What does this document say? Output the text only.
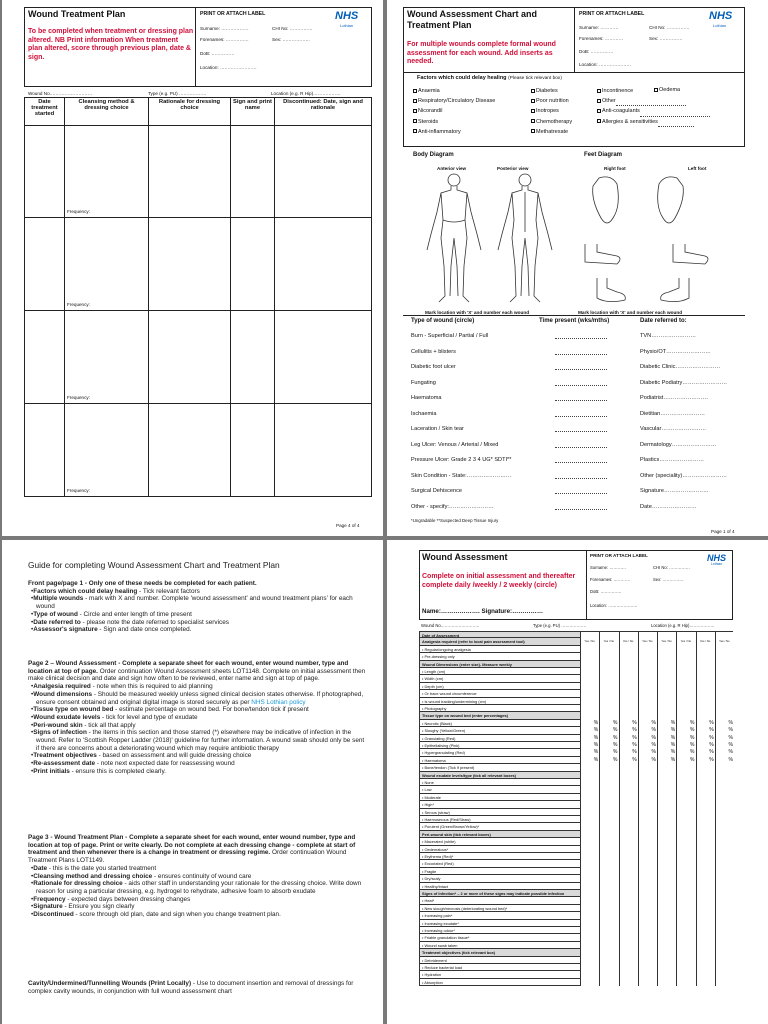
Wound Treatment Plan
To be completed when treatment or dressing plan altered. NB Print information When treatment plan altered, score through previous plan, date & sign.
PRINT OR ATTACH LABEL	NHS
Lothian
Surname: ………………	CHI No: ……………
Forenames: ……………	Sex: ………………
DoB: ……………
Location: ……………………
Wound No.………………………	Type (e.g. PU) ………………	Location (e.g. R Hip)………………
Date treatment started	Cleansing method & dressing choice	Rationale for dressing choice	Sign and print name	Discontinued: Date, sign and rationale

	Frequency:			

	Frequency:			

	Frequency:			

	Frequency:			

Page 4 of 4
Wound Assessment Chart and Treatment Plan
For multiple wounds complete formal wound assessment for each wound. Add inserts as needed.
PRINT OR ATTACH LABEL	NHS
Lothian
Surname: …………	CHI No: ……………
Forenames: …………	Sex: ……………
DoB: ……………
Location: …………………
Factors which could delay healing (Please tick relevant box)
Anaemia
Respiratory/Circulatory Disease
Nicorandil
Steroids
Anti-inflammatory
Diabetes
Poor nutrition
Inotropes
Chemotherapy
Methatrexate
Incontinence
Other
Anti-coagulants
Allergies & sensitivities
Oedema
Body Diagram
Anterior view	Posterior view
Mark location with 'X' and number each wound
Feet Diagram
Right foot	Left foot
Mark location with 'X' and number each wound
Type of wound (circle)	Time present (wks/mths)	Date referred to:
*Ungradable **Suspected Deep Tissue Injury
Page 1 of 4
Burn - Superficial / Partial / Full	TVN……………………
Cellulitis + blisters	Physio/OT……………………
Diabetic foot ulcer	Diabetic Clinic……………………
Fungating	Diabetic Podiatry……………………
Haematoma	Podiatrist……………………
Ischaemia	Dietitian……………………
Laceration / Skin tear	Vascular……………………
Leg Ulcer: Venous / Arterial / Mixed	Dermatology……………………
Pressure Ulcer: Grade 2 3 4 UG* SDTI**	Plastics……………………
Skin Condition - State:……………………	Other (speciality)……………………
Surgical Dehiscence	Signature……………………
Other - specify:……………………	Date……………………
Guide for completing Wound Assessment Chart and Treatment Plan
Front page/page 1 - Only one of these needs be completed for each patient.
• Factors which could delay healing - Tick relevant factors
• Multiple wounds - mark with X and number. Complete 'wound assessment' and wound treatment plans' for each wound
• Type of wound - Circle and enter length of time present
• Date referred to - please note the date referred to specialist services
• Assessor's signature - Sign and date once completed.
Page 2 – Wound Assessment - Complete a separate sheet for each wound, enter wound number, type and location at top of page. Order continuation Wound Assessment sheets LOT1148. Complete on initial assessment then make clinical decision and date and sign how often to be reviewed, enter name and sign at top of page.
• Analgesia required - note when this is required to aid planning
• Wound dimensions - Should be measured weekly unless signed clinical decision states otherwise. If photographed, ensure consent obtained and original digital image is stored securely as per NHS Lothian policy
• Tissue type on wound bed - estimate percentage on wound bed. For bone/tendon tick if present
• Wound exudate levels - tick for level and type of exudate
• Peri-wound skin - tick all that apply
• Signs of infection - the items in this section and those starred (*) elsewhere may be indicative of infection in the wound. Refer to 'Scottish Ropper Ladder (2018)' guideline for further information. A wound swab should only be sent if there are concerns about a deteriorating wound which may require antibiotic therapy
• Treatment objectives - based on assessment and will guide dressing choice
• Re-assessment date - note next expected date for reassessing wound
• Print initials - ensure this is completed clearly.
Page 3 - Wound Treatment Plan - Complete a separate sheet for each wound, enter wound number, type and location at top of page. Print or write clearly. Do not complete at each dressing change - complete at start of treatment and then whenever there is a change in treatment or dressing regime. Order continuation Wound Treatment Plans LOT1149.
• Date - this is the date you started treatment
• Cleansing method and dressing choice - ensures continuity of wound care
• Rationale for dressing choice - aids other staff in understanding your rationale for the dressing choice. Write down reason for using a particular dressing, e.g. hydrogel to rehydrate, adhesive foam to absorb exudate
• Frequency - expected days between dressing changes
• Signature - Ensure you sign clearly
• Discontinued - score through old plan, date and sign when you change treatment plan.
Cavity/Undermined/Tunnelling Wounds (Print Locally) - Use to document insertion and removal of dressings for complex cavity wounds, in conjunction with full wound assessment chart
Wound Assessment
Complete on initial assessment and thereafter complete daily /weekly / 2 weekly (circle)
Name:………………. Signature:……………
PRINT OR ATTACH LABEL	NHS
Lothian
Surname: …………	CHI No: ……………
Forenames: …………	Sex: ……………
DoB: ……………
Location: …………………
Wound No.………………………	Type (e.g. PU) ………………	Location (e.g. R Hip)………………
Date of Assessment
Analgesia required (refer to local pain assessment tool)	Yes / No	Yes / No	Yes / No	Yes / No	Yes / No	Yes / No	Yes / No	Yes / No
• Regular/ongoing analgesia
• Pre-dressing only
Wound Dimensions (enter size)- Measure weekly
• Length (cm)
• Width (cm)
• Depth (cm)
• Or trace wound circumference
• Is wound tracking/undermining (cm)
• Photography
Tissue type on wound bed (enter percentages)
• Necrotic (Black)	%	%	%	%	%	%	%	%
• Sloughy (Yellow/Green)	%	%	%	%	%	%	%	%
• Granulating (Red)	%	%	%	%	%	%	%	%
• Epithelialising (Pink)	%	%	%	%	%	%	%	%
• Hypergranulating (Red)	%	%	%	%	%	%	%	%
• Haematoma	%	%	%	%	%	%	%	%
• Bone/tendon (Tick if present)
Wound exudate levels/type (tick all relevant boxes)
• None
• Low
• Moderate
• High*
• Serous (straw)
• Haemoserous (Red/Straw)
• Purulent (Green/Brown/Yellow)*
Peri-wound skin (tick relevant boxes)
• Macerated (white)
• Oedematous*
• Erythema (Red)*
• Excoriated (Red)
• Fragile
• Dry/scaly
• Healthy/intact
Signs of Infection* – 2 or more of these signs may indicate possible infection
• Heat*
• New slough/necrosis (deteriorating wound bed)*
• Increasing pain*
• Increasing exudate*
• Increasing odour*
• Friable granulation tissue*
• Wound swab taken
Treatment objectives (tick relevant box)
• Debridement
• Reduce bacterial load
• Hydration
• Absorption
